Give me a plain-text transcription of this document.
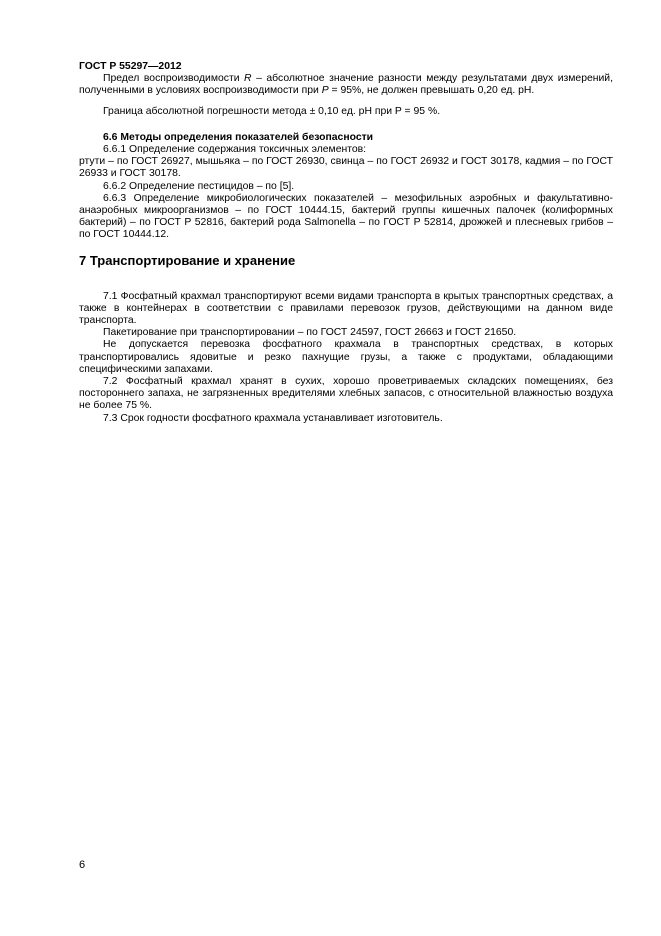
ГОСТ Р 55297—2012

Предел воспроизводимости R – абсолютное значение разности между результатами двух измерений, полученными в условиях воспроизводимости при P = 95%, не должен превышать 0,20 ед. pH.

Граница абсолютной погрешности метода ± 0,10 ед. pH при P = 95 %.

6.6 Методы определения показателей безопасности

6.6.1 Определение содержания токсичных элементов:

ртути – по ГОСТ 26927, мышьяка – по ГОСТ 26930, свинца – по ГОСТ 26932 и ГОСТ 30178, кадмия – по ГОСТ 26933 и ГОСТ 30178.

6.6.2 Определение пестицидов – по [5].

6.6.3 Определение микробиологических показателей – мезофильных аэробных и факультативно-анаэробных микроорганизмов – по ГОСТ 10444.15, бактерий группы кишечных палочек (колиформных бактерий) – по ГОСТ Р 52816, бактерий рода Salmonella – по ГОСТ Р 52814, дрожжей и плесневых грибов – по ГОСТ 10444.12.

7 Транспортирование и хранение

7.1 Фосфатный крахмал транспортируют всеми видами транспорта в крытых транспортных средствах, а также в контейнерах в соответствии с правилами перевозок грузов, действующими на данном виде транспорта.

Пакетирование при транспортировании – по ГОСТ 24597, ГОСТ 26663 и ГОСТ 21650.

Не допускается перевозка фосфатного крахмала в транспортных средствах, в которых транспортировались ядовитые и резко пахнущие грузы, а также с продуктами, обладающими специфическими запахами.

7.2 Фосфатный крахмал хранят в сухих, хорошо проветриваемых складских помещениях, без постороннего запаха, не загрязненных вредителями хлебных запасов, с относительной влажностью воздуха не более 75 %.

7.3 Срок годности фосфатного крахмала устанавливает изготовитель.

6
